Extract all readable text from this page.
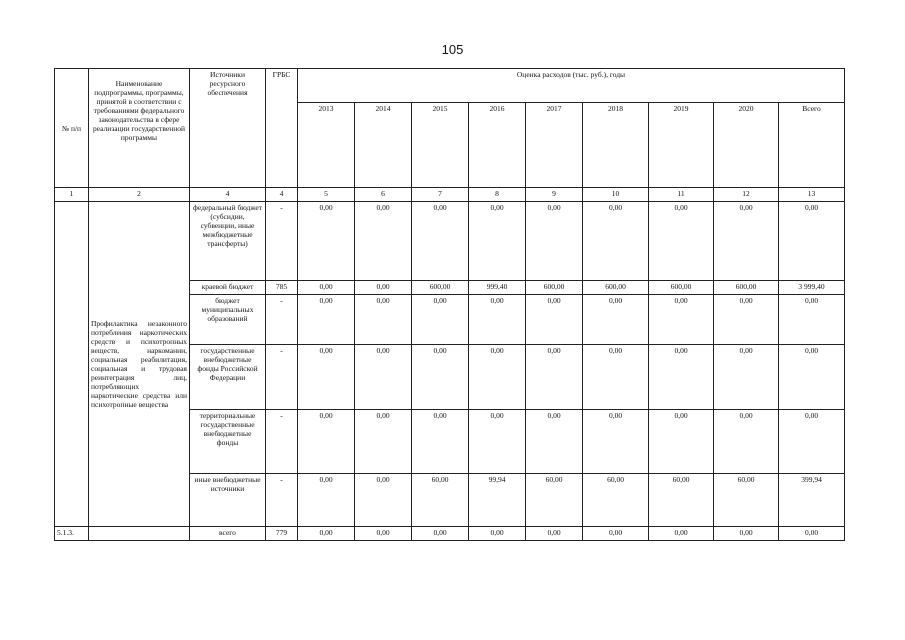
105
№ п/п	Наименование подпрограммы, программы, принятой в соответствии с требованиями федерального законодательства в сфере реализации государственной программы	Источники ресурсного обеспечения	ГРБС	Оценка расходов (тыс. руб.), годы								
				2013	2014	2015	2016	2017	2018	2019	2020	Всего
1	2	4	4	5	6	7	8	9	10	11	12	13
	Профилактика незаконного потребления наркотических средств и психотропных веществ, наркомании, социальная реабилитация, социальная и трудовая реинтеграция лиц, потребляющих наркотические средства или психотропные вещества	федеральный бюджет (субсидии, субвенции, иные межбюджетные трансферты)	-	0,00	0,00	0,00	0,00	0,00	0,00	0,00	0,00	0,00
		краевой бюджет	785	0,00	0,00	600,00	999,40	600,00	600,00	600,00	600,00	3 999,40
		бюджет муниципальных образований	-	0,00	0,00	0,00	0,00	0,00	0,00	0,00	0,00	0,00
		государственные внебюджетные фонды Российской Федерации	-	0,00	0,00	0,00	0,00	0,00	0,00	0,00	0,00	0,00
		территориальные государственные внебюджетные фонды	-	0,00	0,00	0,00	0,00	0,00	0,00	0,00	0,00	0,00
		иные внебюджетные источники	-	0,00	0,00	60,00	99,94	60,00	60,00	60,00	60,00	399,94
5.1.3.		всего	779	0,00	0,00	0,00	0,00	0,00	0,00	0,00	0,00	0,00
